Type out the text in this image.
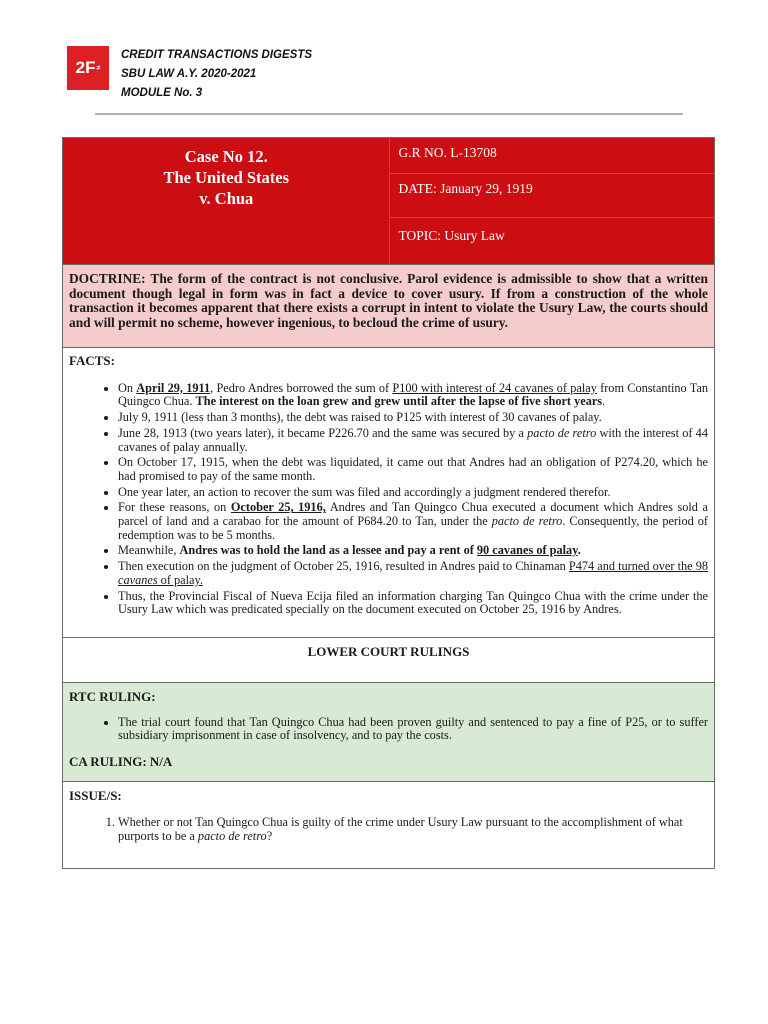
2F ≠
CREDIT TRANSACTIONS DIGESTS
SBU LAW A.Y. 2020-2021
MODULE No. 3
Case No 12.
The United States
v. Chua
	G.R NO. L-13708
DATE: January 29, 1919
TOPIC: Usury Law
DOCTRINE: The form of the contract is not conclusive. Parol evidence is admissible to show that a written document though legal in form was in fact a device to cover usury. If from a construction of the whole transaction it becomes apparent that there exists a corrupt in intent to violate the Usury Law, the courts should and will permit no scheme, however ingenious, to becloud the crime of usury.

FACTS:
• On April 29, 1911, Pedro Andres borrowed the sum of P100 with interest of 24 cavanes of palay from Constantino Tan Quingco Chua. The interest on the loan grew and grew until after the lapse of five short years.
• July 9, 1911 (less than 3 months), the debt was raised to P125 with interest of 30 cavanes of palay.
• June 28, 1913 (two years later), it became P226.70 and the same was secured by a pacto de retro with the interest of 44 cavanes of palay annually.
• On October 17, 1915, when the debt was liquidated, it came out that Andres had an obligation of P274.20, which he had promised to pay of the same month.
• One year later, an action to recover the sum was filed and accordingly a judgment rendered therefor.
• For these reasons, on October 25, 1916, Andres and Tan Quingco Chua executed a document which Andres sold a parcel of land and a carabao for the amount of P684.20 to Tan, under the pacto de retro. Consequently, the period of redemption was to be 5 months.
• Meanwhile, Andres was to hold the land as a lessee and pay a rent of 90 cavanes of palay.
• Then execution on the judgment of October 25, 1916, resulted in Andres paid to Chinaman P474 and turned over the 98 cavanes of palay.
• Thus, the Provincial Fiscal of Nueva Ecija filed an information charging Tan Quingco Chua with the crime under the Usury Law which was predicated specially on the document executed on October 25, 1916 by Andres.

LOWER COURT RULINGS

RTC RULING:
• The trial court found that Tan Quingco Chua had been proven guilty and sentenced to pay a fine of P25, or to suffer subsidiary imprisonment in case of insolvency, and to pay the costs.
CA RULING: N/A

ISSUE/S:
1. Whether or not Tan Quingco Chua is guilty of the crime under Usury Law pursuant to the accomplishment of what purports to be a pacto de retro?
